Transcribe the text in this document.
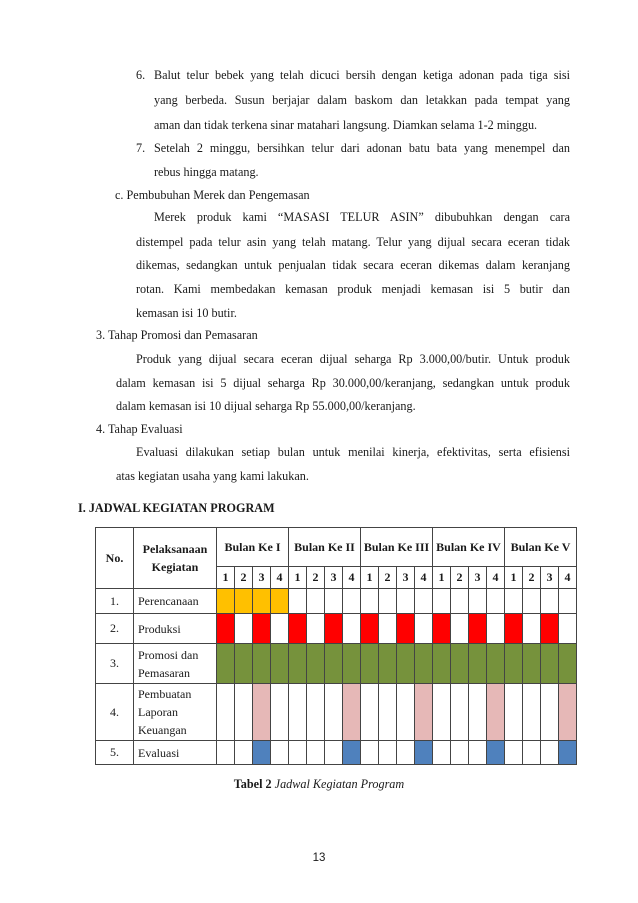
6. Balut telur bebek yang telah dicuci bersih dengan ketiga adonan pada tiga sisi
yang berbeda. Susun berjajar dalam baskom dan letakkan pada tempat yang
aman dan tidak terkena sinar matahari langsung. Diamkan selama 1-2 minggu.
7. Setelah 2 minggu, bersihkan telur dari adonan batu bata yang menempel dan
rebus hingga matang.
c. Pembubuhan Merek dan Pengemasan
Merek produk kami “MASASI TELUR ASIN” dibubuhkan dengan cara
distempel pada telur asin yang telah matang. Telur yang dijual secara eceran tidak
dikemas, sedangkan untuk penjualan tidak secara eceran dikemas dalam keranjang
rotan. Kami membedakan kemasan produk menjadi kemasan isi 5 butir dan
kemasan isi 10 butir.
3. Tahap Promosi dan Pemasaran
Produk yang dijual secara eceran dijual seharga Rp 3.000,00/butir. Untuk produk
dalam kemasan isi 5 dijual seharga Rp 30.000,00/keranjang, sedangkan untuk produk
dalam kemasan isi 10 dijual seharga Rp 55.000,00/keranjang.
4. Tahap Evaluasi
Evaluasi dilakukan setiap bulan untuk menilai kinerja, efektivitas, serta efisiensi
atas kegiatan usaha yang kami lakukan.
I. JADWAL KEGIATAN PROGRAM
No.	Pelaksanaan Kegiatan	Bulan Ke I				Bulan Ke II				Bulan Ke III				Bulan Ke IV				Bulan Ke V			
		1	2	3	4	1	2	3	4	1	2	3	4	1	2	3	4	1	2	3	4
1.	Perencanaan																				
2.	Produksi																				
3.	Promosi dan Pemasaran																				
4.	Pembuatan Laporan Keuangan																				
5.	Evaluasi																				
Tabel 2 Jadwal Kegiatan Program
13
